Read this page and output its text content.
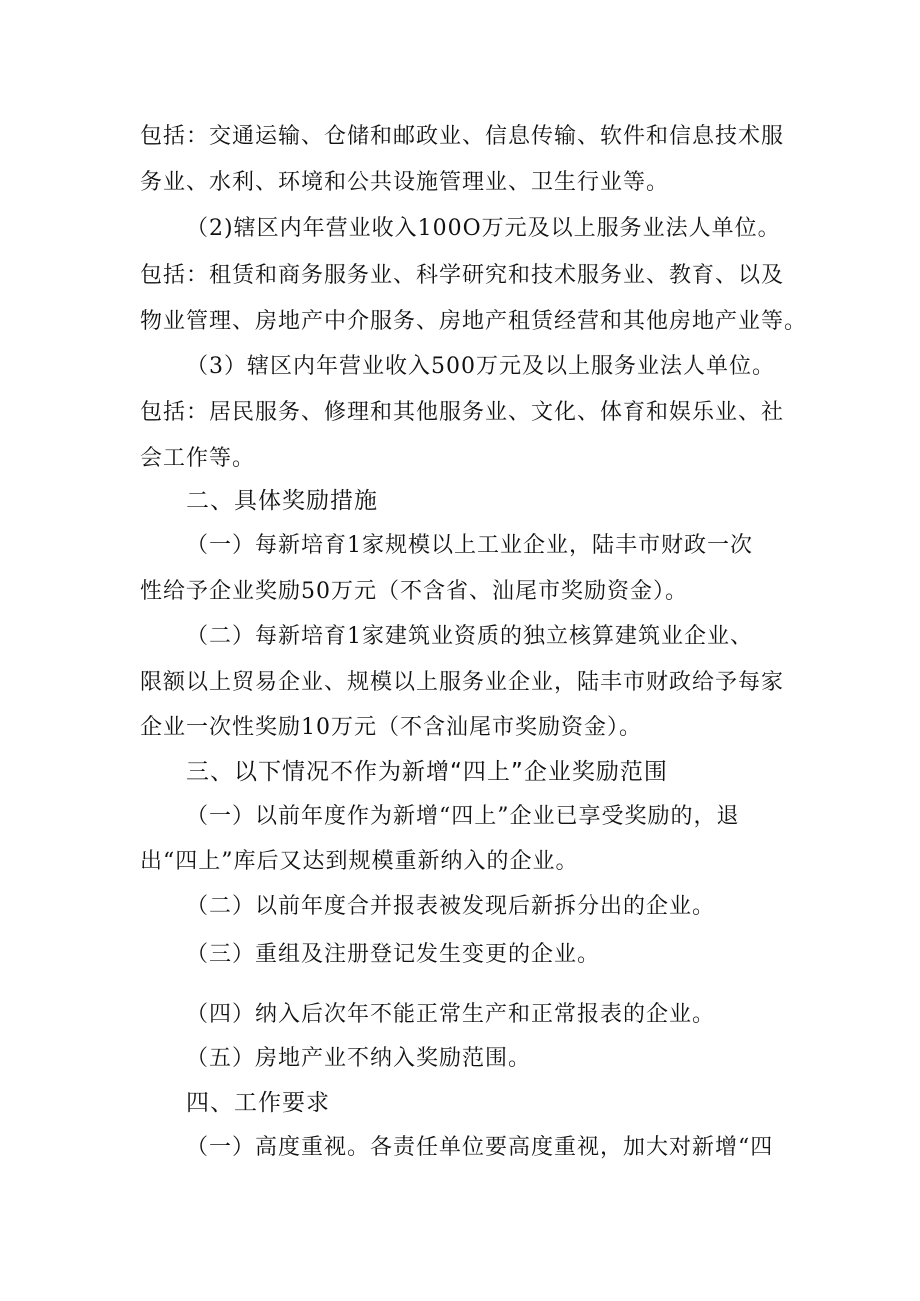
包括：交通运输、仓储和邮政业、信息传输、软件和信息技术服
务业、水利、环境和公共设施管理业、卫生行业等。
（2)辖区内年营业收入100O万元及以上服务业法人单位。
包括：租赁和商务服务业、科学研究和技术服务业、教育、以及
物业管理、房地产中介服务、房地产租赁经营和其他房地产业等。
（3）辖区内年营业收入500万元及以上服务业法人单位。
包括：居民服务、修理和其他服务业、文化、体育和娱乐业、社
会工作等。
二、具体奖励措施
（一）每新培育1家规模以上工业企业，陆丰市财政一次
性给予企业奖励50万元（不含省、汕尾市奖励资金）。
（二）每新培育1家建筑业资质的独立核算建筑业企业、
限额以上贸易企业、规模以上服务业企业，陆丰市财政给予每家
企业一次性奖励10万元（不含汕尾市奖励资金）。
三、以下情况不作为新增“四上”企业奖励范围
（一）以前年度作为新增“四上”企业已享受奖励的，退
出“四上”库后又达到规模重新纳入的企业。
（二）以前年度合并报表被发现后新拆分出的企业。
（三）重组及注册登记发生变更的企业。
（四）纳入后次年不能正常生产和正常报表的企业。
（五）房地产业不纳入奖励范围。
四、工作要求
（一）高度重视。各责任单位要高度重视，加大对新增“四
